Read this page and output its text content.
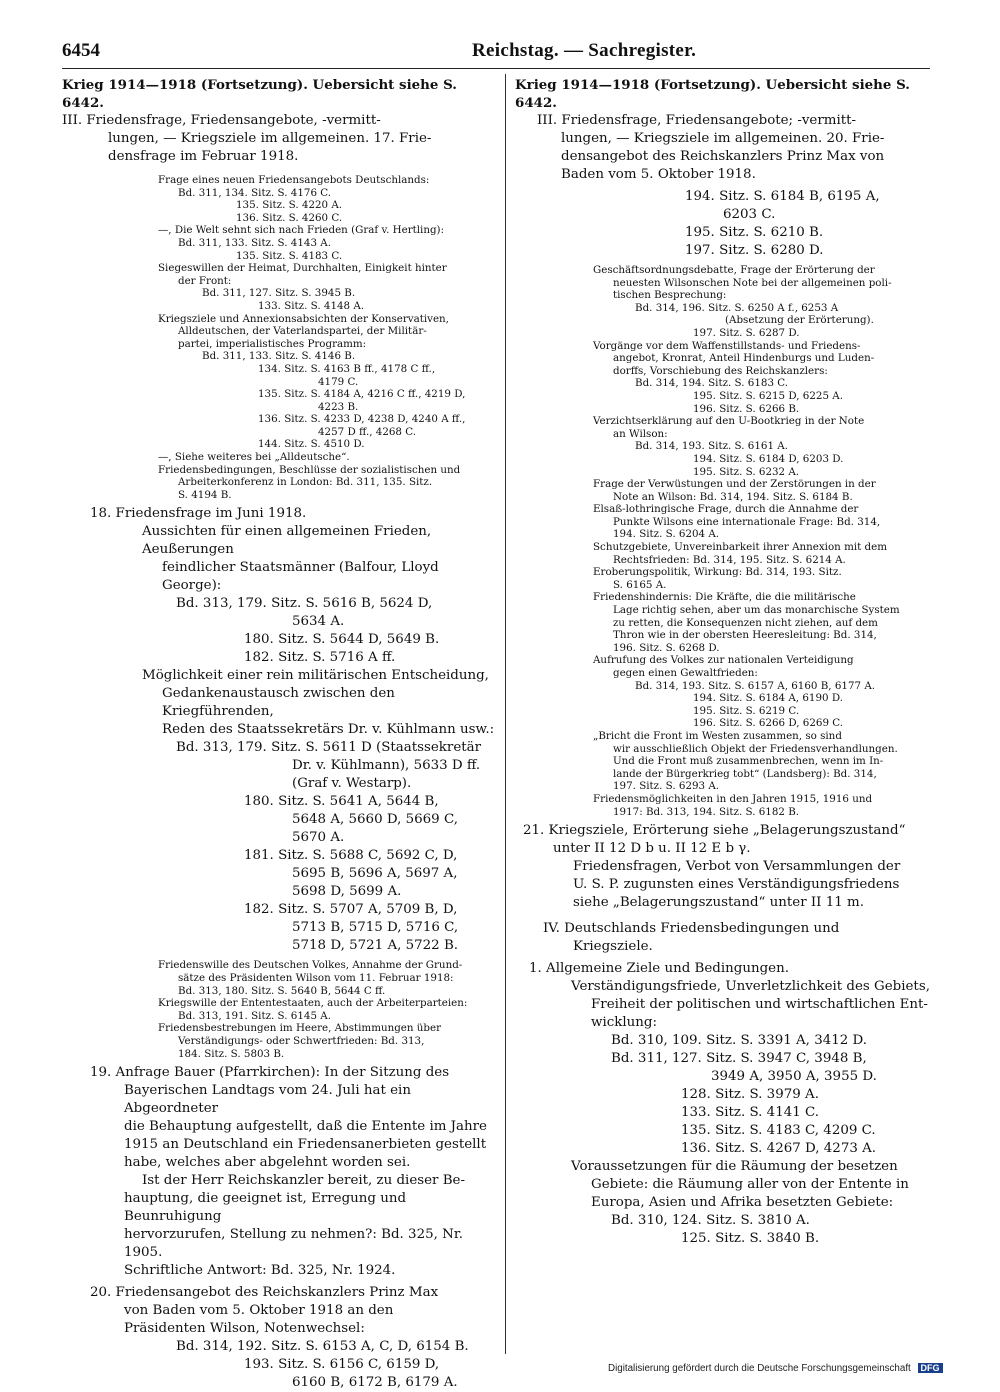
6454	Reichstag. — Sachregister.

Krieg 1914—1918 (Fortsetzung). Uebersicht siehe S. 6442.

III. Friedensfrage, Friedensangebote, -vermitt-

lungen, — Kriegsziele im allgemeinen. 17. Frie-

densfrage im Februar 1918.

Frage eines neuen Friedensangebots Deutschlands:

Bd. 311, 134. Sitz. S. 4176 C.

135. Sitz. S. 4220 A.

136. Sitz. S. 4260 C.

—, Die Welt sehnt sich nach Frieden (Graf v. Hertling):

Bd. 311, 133. Sitz. S. 4143 A.

135. Sitz. S. 4183 C.

Siegeswillen der Heimat, Durchhalten, Einigkeit hinter

der Front:

Bd. 311, 127. Sitz. S. 3945 B.

133. Sitz. S. 4148 A.

Kriegsziele und Annexionsabsichten der Konservativen,

Alldeutschen, der Vaterlandspartei, der Militär-

partei, imperialistisches Programm:

Bd. 311, 133. Sitz. S. 4146 B.

134. Sitz. S. 4163 B ff., 4178 C ff.,

4179 C.

135. Sitz. S. 4184 A, 4216 C ff., 4219 D,

4223 B.

136. Sitz. S. 4233 D, 4238 D, 4240 A ff.,

4257 D ff., 4268 C.

144. Sitz. S. 4510 D.

—, Siehe weiteres bei „Alldeutsche“.

Friedensbedingungen, Beschlüsse der sozialistischen und

Arbeiterkonferenz in London: Bd. 311, 135. Sitz.

S. 4194 B.

18. Friedensfrage im Juni 1918.

Aussichten für einen allgemeinen Frieden, Aeußerungen

feindlicher Staatsmänner (Balfour, Lloyd George):

Bd. 313, 179. Sitz. S. 5616 B, 5624 D,

5634 A.

180. Sitz. S. 5644 D, 5649 B.

182. Sitz. S. 5716 A ff.

Möglichkeit einer rein militärischen Entscheidung,

Gedankenaustausch zwischen den Kriegführenden,

Reden des Staatssekretärs Dr. v. Kühlmann usw.:

Bd. 313, 179. Sitz. S. 5611 D (Staatssekretär

Dr. v. Kühlmann), 5633 D ff.

(Graf v. Westarp).

180. Sitz. S. 5641 A, 5644 B,

5648 A, 5660 D, 5669 C,

5670 A.

181. Sitz. S. 5688 C, 5692 C, D,

5695 B, 5696 A, 5697 A,

5698 D, 5699 A.

182. Sitz. S. 5707 A, 5709 B, D,

5713 B, 5715 D, 5716 C,

5718 D, 5721 A, 5722 B.

Friedenswille des Deutschen Volkes, Annahme der Grund-

sätze des Präsidenten Wilson vom 11. Februar 1918:

Bd. 313, 180. Sitz. S. 5640 B, 5644 C ff.

Kriegswille der Ententestaaten, auch der Arbeiterparteien:

Bd. 313, 191. Sitz. S. 6145 A.

Friedensbestrebungen im Heere, Abstimmungen über

Verständigungs- oder Schwertfrieden: Bd. 313,

184. Sitz. S. 5803 B.

19. Anfrage Bauer (Pfarrkirchen): In der Sitzung des

Bayerischen Landtags vom 24. Juli hat ein Abgeordneter

die Behauptung aufgestellt, daß die Entente im Jahre

1915 an Deutschland ein Friedensanerbieten gestellt

habe, welches aber abgelehnt worden sei.

Ist der Herr Reichskanzler bereit, zu dieser Be-

hauptung, die geeignet ist, Erregung und Beunruhigung

hervorzurufen, Stellung zu nehmen?: Bd. 325, Nr. 1905.

Schriftliche Antwort: Bd. 325, Nr. 1924.

20. Friedensangebot des Reichskanzlers Prinz Max

von Baden vom 5. Oktober 1918 an den

Präsidenten Wilson, Notenwechsel:

Bd. 314, 192. Sitz. S. 6153 A, C, D, 6154 B.

193. Sitz. S. 6156 C, 6159 D,

6160 B, 6172 B, 6179 A.

Krieg 1914—1918 (Fortsetzung). Uebersicht siehe S. 6442.

III. Friedensfrage, Friedensangebote; -vermitt-

lungen, — Kriegsziele im allgemeinen. 20. Frie-

densangebot des Reichskanzlers Prinz Max von

Baden vom 5. Oktober 1918.

194. Sitz. S. 6184 B, 6195 A,

6203 C.

195. Sitz. S. 6210 B.

197. Sitz. S. 6280 D.

Geschäftsordnungsdebatte, Frage der Erörterung der

neuesten Wilsonschen Note bei der allgemeinen poli-

tischen Besprechung:

Bd. 314, 196. Sitz. S. 6250 A f., 6253 A

(Absetzung der Erörterung).

197. Sitz. S. 6287 D.

Vorgänge vor dem Waffenstillstands- und Friedens-

angebot, Kronrat, Anteil Hindenburgs und Luden-

dorffs, Vorschiebung des Reichskanzlers:

Bd. 314, 194. Sitz. S. 6183 C.

195. Sitz. S. 6215 D, 6225 A.

196. Sitz. S. 6266 B.

Verzichtserklärung auf den U-Bootkrieg in der Note

an Wilson:

Bd. 314, 193. Sitz. S. 6161 A.

194. Sitz. S. 6184 D, 6203 D.

195. Sitz. S. 6232 A.

Frage der Verwüstungen und der Zerstörungen in der

Note an Wilson: Bd. 314, 194. Sitz. S. 6184 B.

Elsaß-lothringische Frage, durch die Annahme der

Punkte Wilsons eine internationale Frage: Bd. 314,

194. Sitz. S. 6204 A.

Schutzgebiete, Unvereinbarkeit ihrer Annexion mit dem

Rechtsfrieden: Bd. 314, 195. Sitz. S. 6214 A.

Eroberungspolitik, Wirkung: Bd. 314, 193. Sitz.

S. 6165 A.

Friedenshindernis: Die Kräfte, die die militärische

Lage richtig sehen, aber um das monarchische System

zu retten, die Konsequenzen nicht ziehen, auf dem

Thron wie in der obersten Heeresleitung: Bd. 314,

196. Sitz. S. 6268 D.

Aufrufung des Volkes zur nationalen Verteidigung

gegen einen Gewaltfrieden:

Bd. 314, 193. Sitz. S. 6157 A, 6160 B, 6177 A.

194. Sitz. S. 6184 A, 6190 D.

195. Sitz. S. 6219 C.

196. Sitz. S. 6266 D, 6269 C.

„Bricht die Front im Westen zusammen, so sind

wir ausschließlich Objekt der Friedensverhandlungen.

Und die Front muß zusammenbrechen, wenn im In-

lande der Bürgerkrieg tobt“ (Landsberg): Bd. 314,

197. Sitz. S. 6293 A.

Friedensmöglichkeiten in den Jahren 1915, 1916 und

1917: Bd. 313, 194. Sitz. S. 6182 B.

21. Kriegsziele, Erörterung siehe „Belagerungszustand“

unter II 12 D b u. II 12 E b γ.

Friedensfragen, Verbot von Versammlungen der

U. S. P. zugunsten eines Verständigungsfriedens

siehe „Belagerungszustand“ unter II 11 m.

IV. Deutschlands Friedensbedingungen und

Kriegsziele.

1. Allgemeine Ziele und Bedingungen.

Verständigungsfriede, Unverletzlichkeit des Gebiets,

Freiheit der politischen und wirtschaftlichen Ent-

wicklung:

Bd. 310, 109. Sitz. S. 3391 A, 3412 D.

Bd. 311, 127. Sitz. S. 3947 C, 3948 B,

3949 A, 3950 A, 3955 D.

128. Sitz. S. 3979 A.

133. Sitz. S. 4141 C.

135. Sitz. S. 4183 C, 4209 C.

136. Sitz. S. 4267 D, 4273 A.

Voraussetzungen für die Räumung der besetzen

Gebiete: die Räumung aller von der Entente in

Europa, Asien und Afrika besetzten Gebiete:

Bd. 310, 124. Sitz. S. 3810 A.

125. Sitz. S. 3840 B.

Digitalisierung gefördert durch die Deutsche Forschungsgemeinschaft DFG
